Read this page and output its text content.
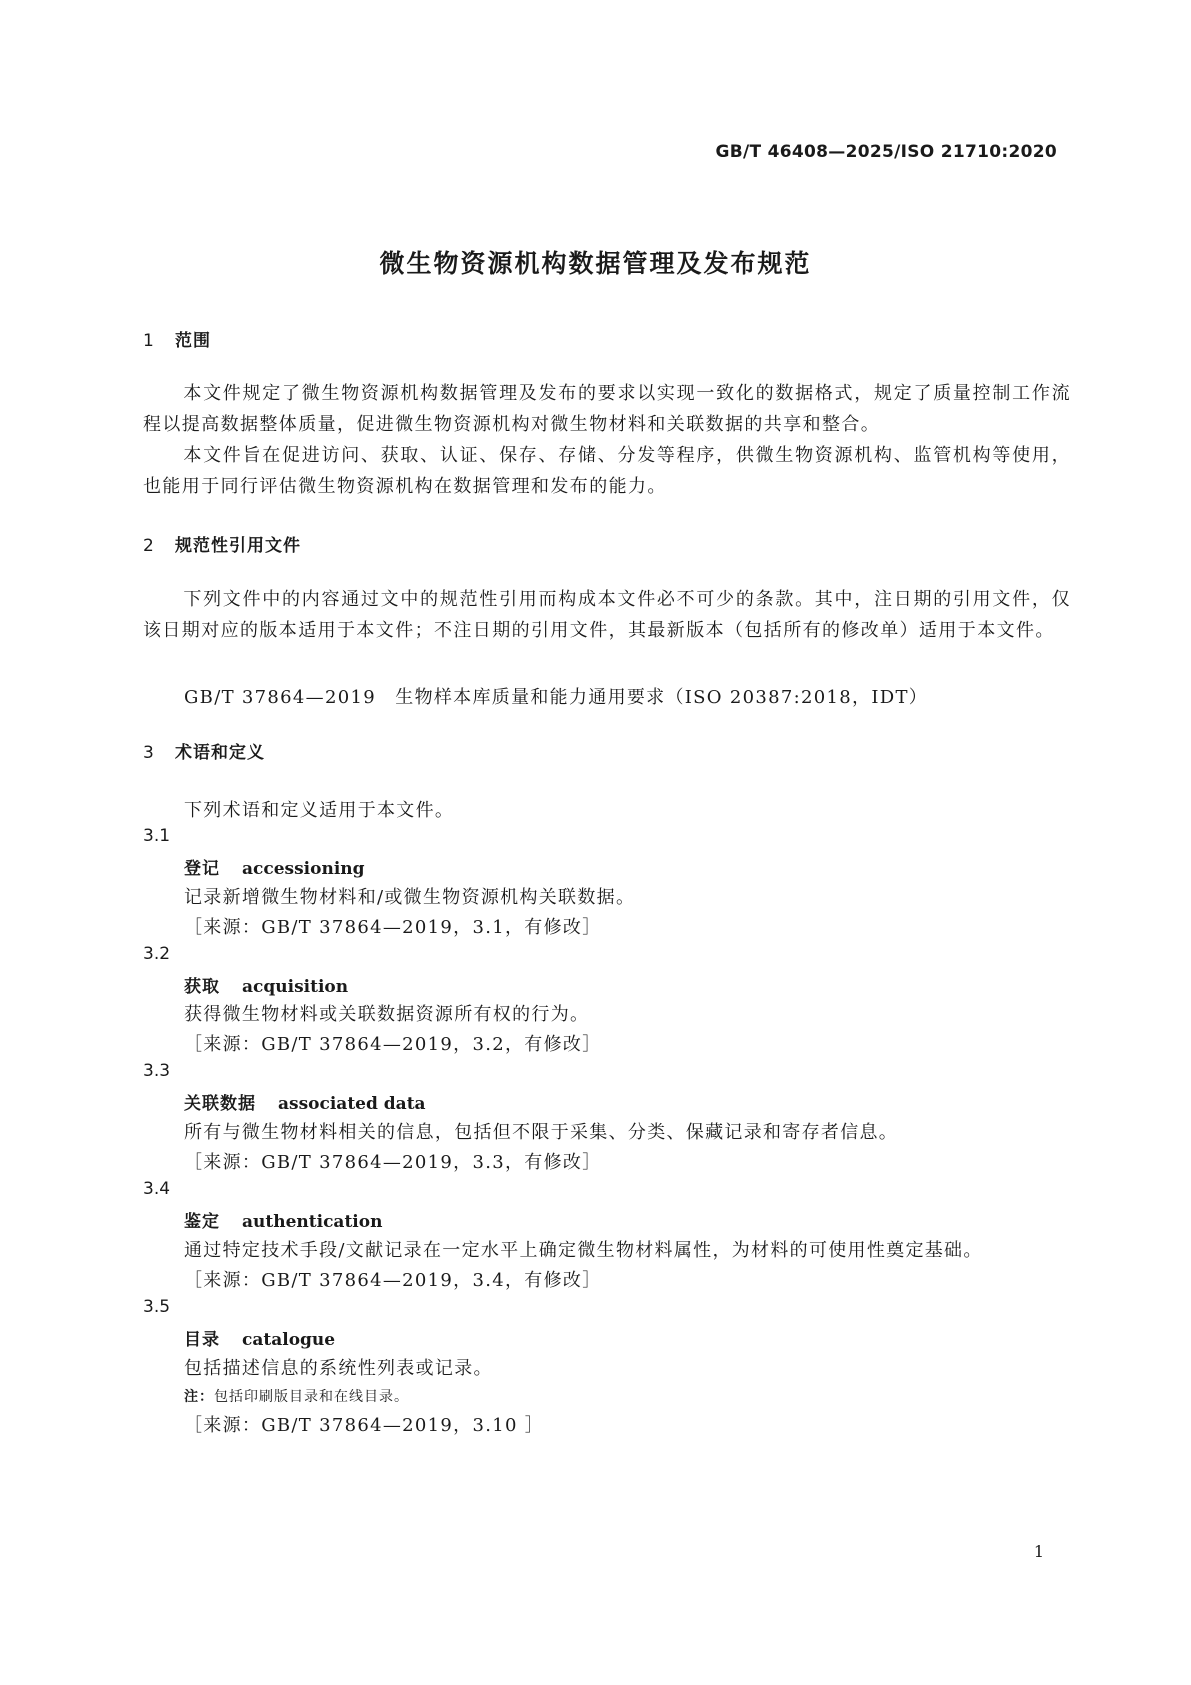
GB/T 46408—2025/ISO 21710:2020
微生物资源机构数据管理及发布规范
1 范围
本文件规定了微生物资源机构数据管理及发布的要求以实现一致化的数据格式，规定了质量控制工作流程以提高数据整体质量，促进微生物资源机构对微生物材料和关联数据的共享和整合。
本文件旨在促进访问、获取、认证、保存、存储、分发等程序，供微生物资源机构、监管机构等使用，也能用于同行评估微生物资源机构在数据管理和发布的能力。
2 规范性引用文件
下列文件中的内容通过文中的规范性引用而构成本文件必不可少的条款。其中，注日期的引用文件，仅该日期对应的版本适用于本文件；不注日期的引用文件，其最新版本（包括所有的修改单）适用于本文件。
GB/T 37864—2019　生物样本库质量和能力通用要求（ISO 20387:2018，IDT）
3 术语和定义
下列术语和定义适用于本文件。
3.1
登记 accessioning
记录新增微生物材料和/或微生物资源机构关联数据。
［来源：GB/T 37864—2019，3.1，有修改］
3.2
获取 acquisition
获得微生物材料或关联数据资源所有权的行为。
［来源：GB/T 37864—2019，3.2，有修改］
3.3
关联数据 associated data
所有与微生物材料相关的信息，包括但不限于采集、分类、保藏记录和寄存者信息。
［来源：GB/T 37864—2019，3.3，有修改］
3.4
鉴定 authentication
通过特定技术手段/文献记录在一定水平上确定微生物材料属性，为材料的可使用性奠定基础。
［来源：GB/T 37864—2019，3.4，有修改］
3.5
目录 catalogue
包括描述信息的系统性列表或记录。
注：包括印刷版目录和在线目录。
［来源：GB/T 37864—2019，3.10 ］
1
